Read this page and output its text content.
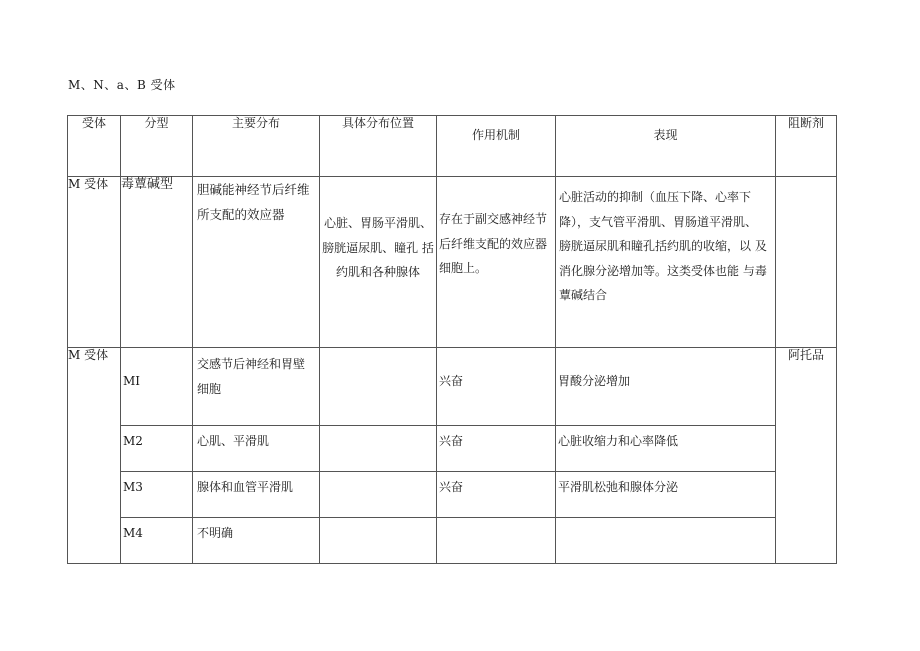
M、N、a、B 受体
受体	分型	主要分布	具体分布位置	作用机制	表现	阻断剂
M 受体	毒蕈碱型	胆碱能神经节后纤维所支配的效应器	心脏、胃肠平滑肌、 膀胱逼尿肌、瞳孔 括约肌和各种腺体	存在于副交感神经节后纤维支配的效应器细胞上。	心脏活动的抑制（血压下降、心率下降），支气管平滑肌、胃肠道平滑肌、 膀胱逼尿肌和瞳孔括约肌的收缩，以 及消化腺分泌增加等。这类受体也能 与毒蕈碱结合	

M 受体	MI	交感节后神经和胃壁细胞		兴奋	胃酸分泌增加	阿托品

	M2	心肌、平滑肌		兴奋	心脏收缩力和心率降低	

	M3	腺体和血管平滑肌		兴奋	平滑肌松弛和腺体分泌	

	M4	不明确				
